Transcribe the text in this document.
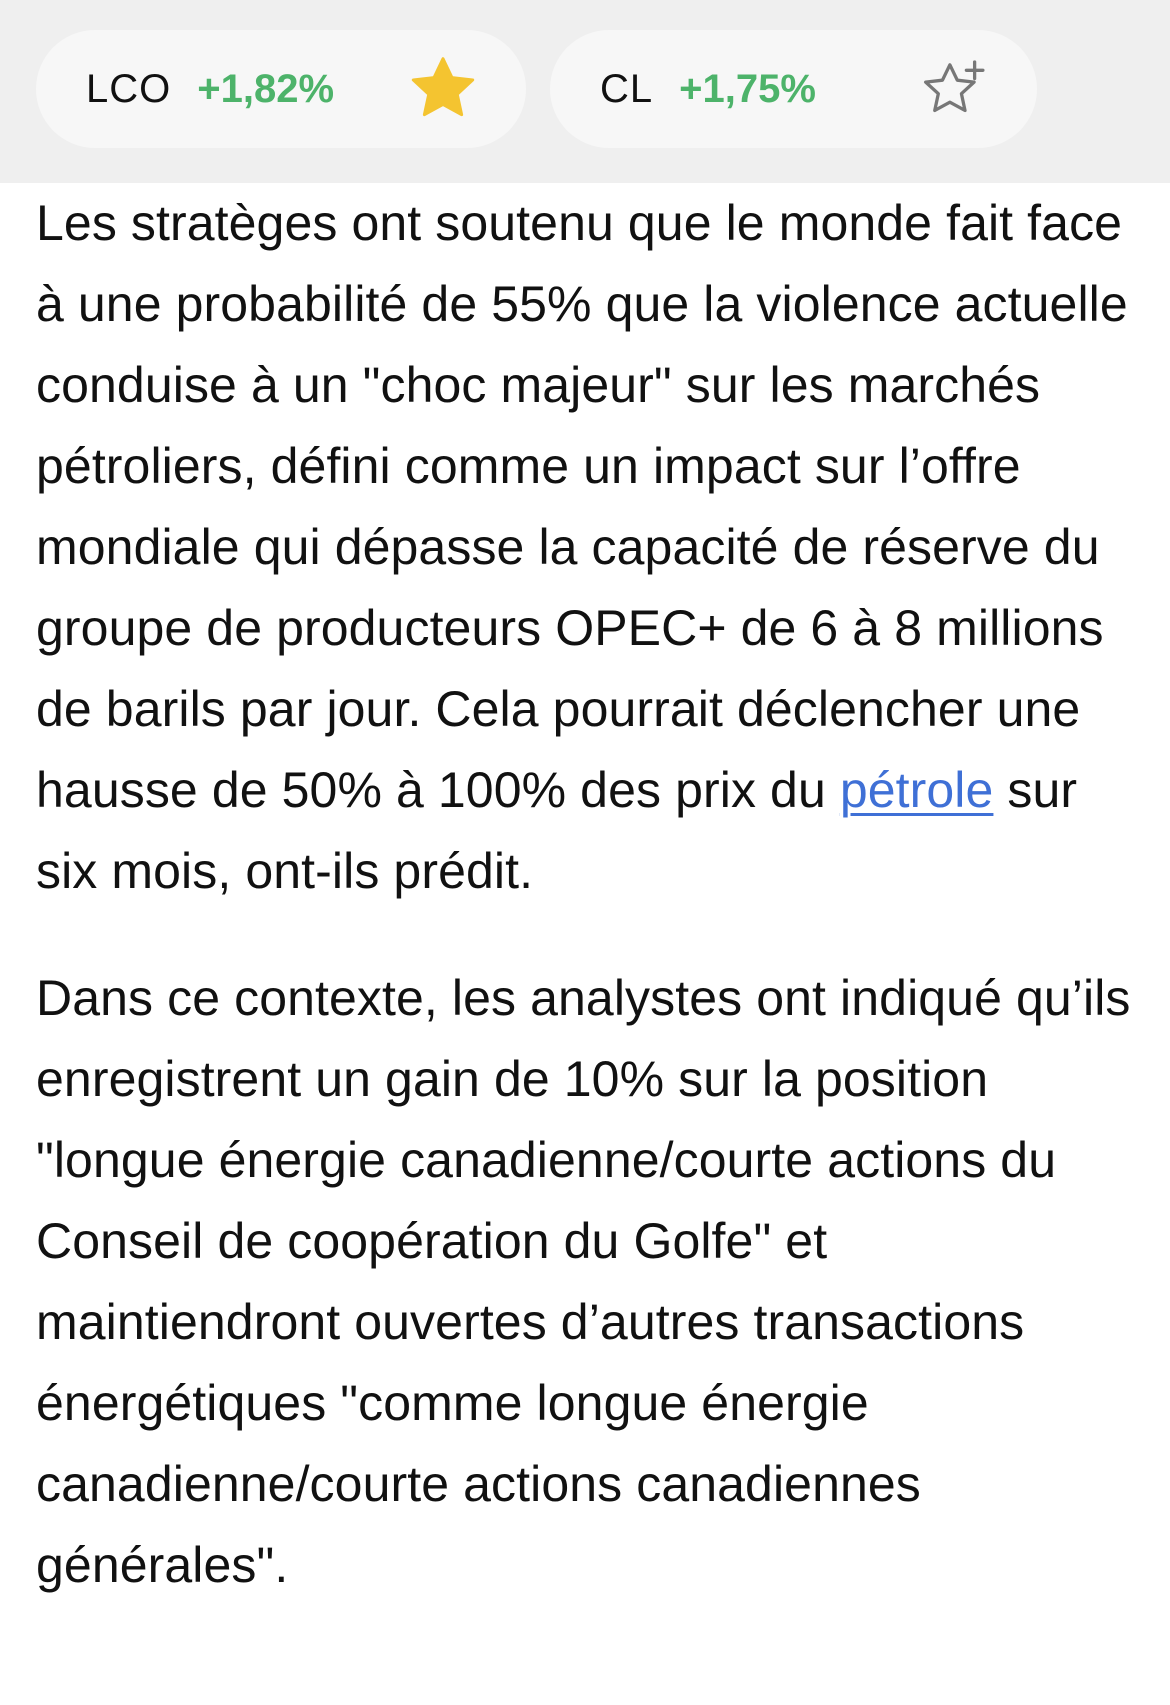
LCO +1,82%	CL +1,75%

Les stratèges ont soutenu que le monde fait face à une probabilité de 55% que la violence actuelle conduise à un "choc majeur" sur les marchés pétroliers, défini comme un impact sur l’offre mondiale qui dépasse la capacité de réserve du groupe de producteurs OPEC+ de 6 à 8 millions de barils par jour. Cela pourrait déclencher une hausse de 50% à 100% des prix du pétrole sur six mois, ont-ils prédit.

Dans ce contexte, les analystes ont indiqué qu’ils enregistrent un gain de 10% sur la position "longue énergie canadienne/courte actions du Conseil de coopération du Golfe" et maintiendront ouvertes d’autres transactions énergétiques "comme longue énergie canadienne/courte actions canadiennes générales".
